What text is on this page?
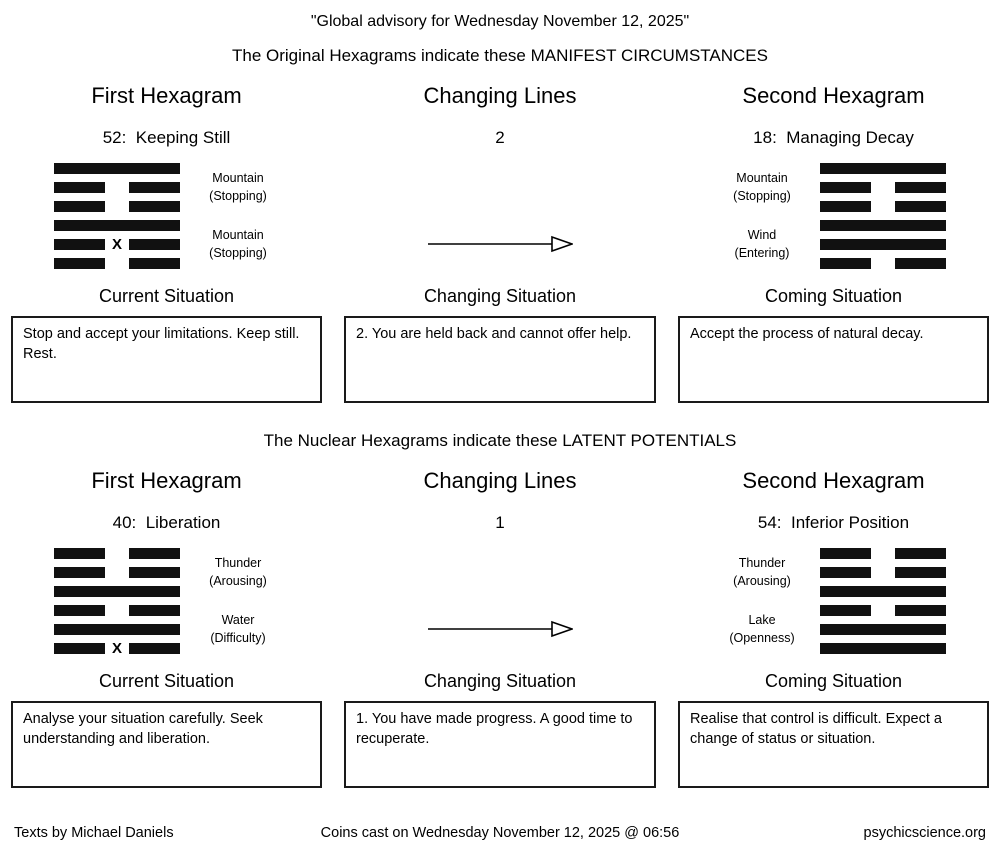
"Global advisory for Wednesday November 12, 2025"
The Original Hexagrams indicate these MANIFEST CIRCUMSTANCES
First Hexagram	Changing Lines	Second Hexagram
52:  Keeping Still	2	18:  Managing Decay
X
Mountain
(Stopping)
Mountain
(Stopping)
Mountain
(Stopping)
Wind
(Entering)
Current Situation	Changing Situation	Coming Situation
Stop and accept your limitations. Keep still. Rest.
2. You are held back and cannot offer help.	Accept the process of natural decay.
The Nuclear Hexagrams indicate these LATENT POTENTIALS
First Hexagram	Changing Lines	Second Hexagram
40:  Liberation	1	54:  Inferior Position
X
Thunder
(Arousing)
Water
(Difficulty)
Thunder
(Arousing)
Lake
(Openness)
Current Situation	Changing Situation	Coming Situation
Analyse your situation carefully. Seek understanding and liberation.
1. You have made progress. A good time to recuperate.
Realise that control is difficult. Expect a change of status or situation.
Texts by Michael Daniels	Coins cast on Wednesday November 12, 2025 @ 06:56	psychicscience.org
